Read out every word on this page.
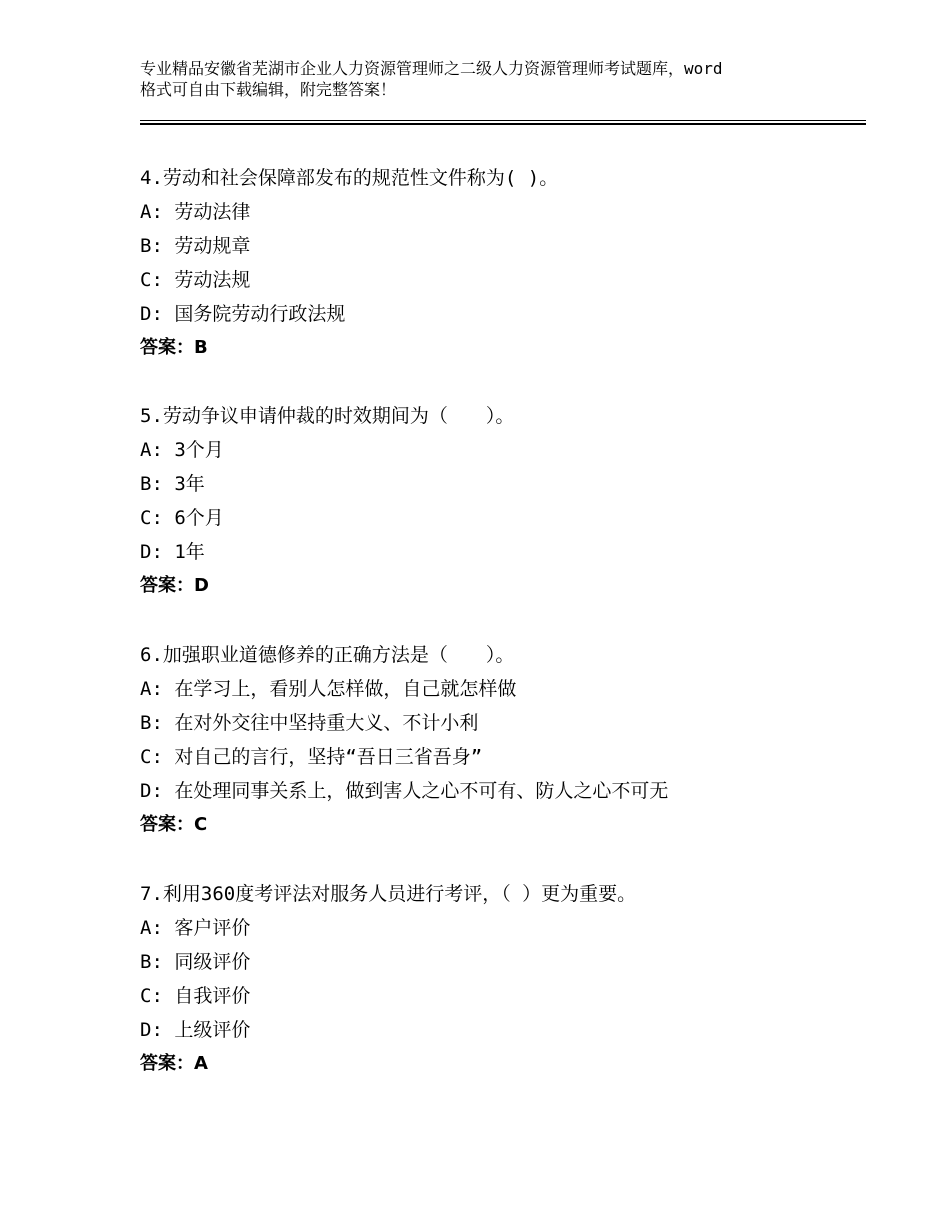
专业精品安徽省芜湖市企业人力资源管理师之二级人力资源管理师考试题库，word
格式可自由下载编辑，附完整答案！
4.劳动和社会保障部发布的规范性文件称为( )。
A: 劳动法律
B: 劳动规章
C: 劳动法规
D: 国务院劳动行政法规
答案：B
5.劳动争议申请仲裁的时效期间为（　　）。
A: 3个月
B: 3年
C: 6个月
D: 1年
答案：D
6.加强职业道德修养的正确方法是（　　）。
A: 在学习上，看别人怎样做，自己就怎样做
B: 在对外交往中坚持重大义、不计小利
C: 对自己的言行，坚持“吾日三省吾身”
D: 在处理同事关系上，做到害人之心不可有、防人之心不可无
答案：C
7.利用360度考评法对服务人员进行考评，（ ）更为重要。
A: 客户评价
B: 同级评价
C: 自我评价
D: 上级评价
答案：A
